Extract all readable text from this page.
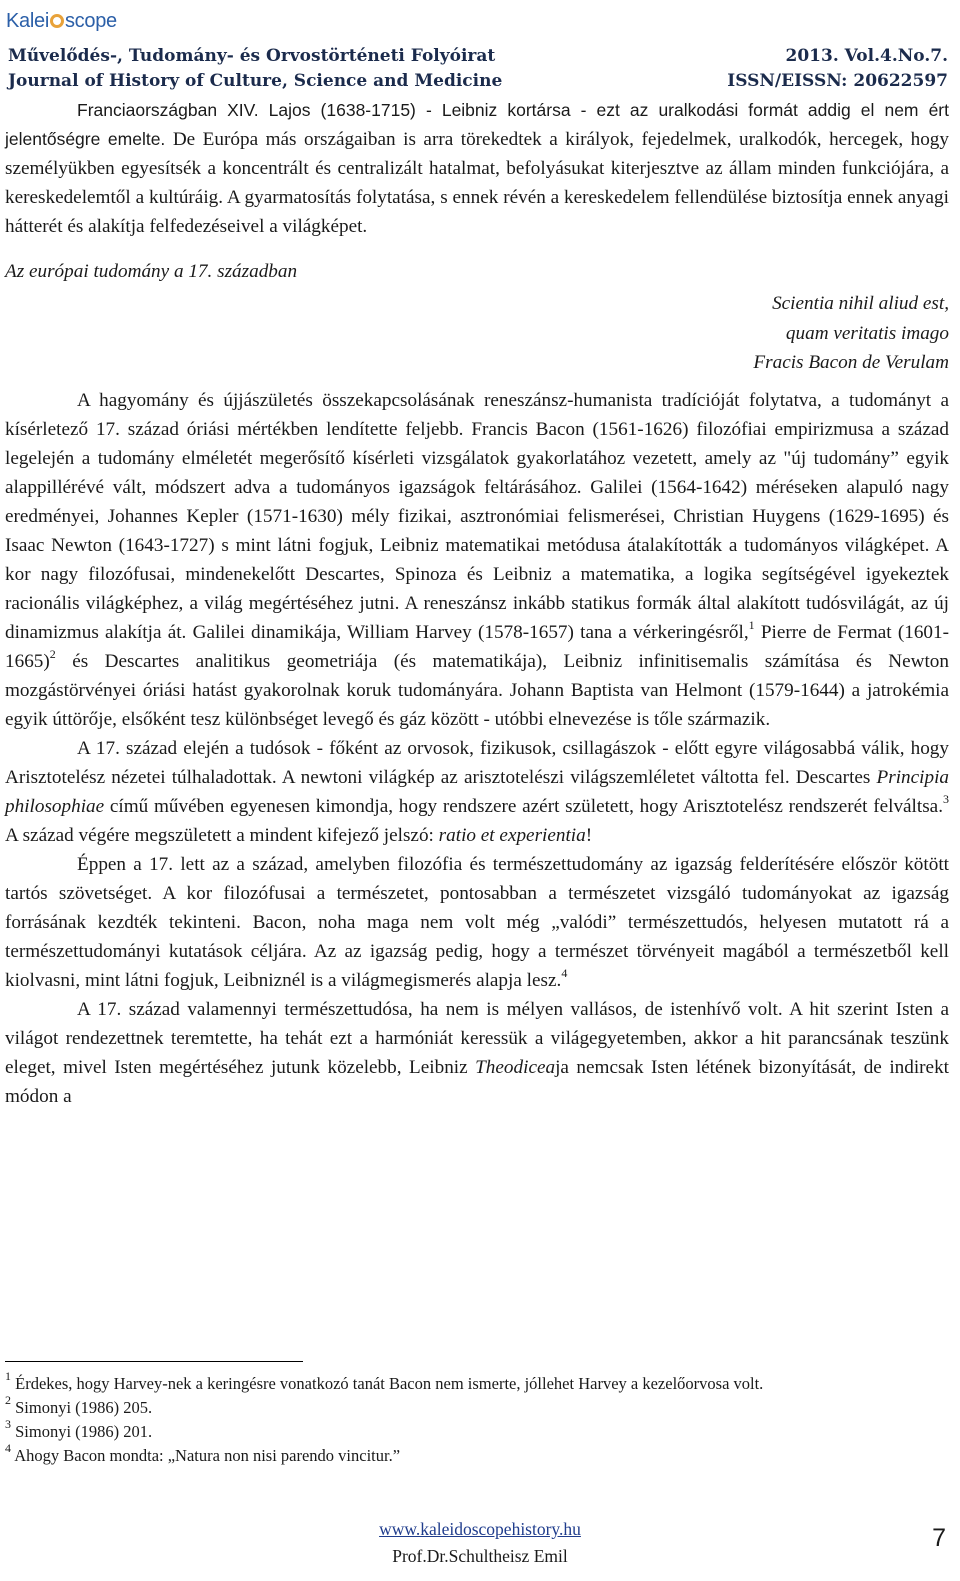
Kalei scope
Művelődés-, Tudomány- és Orvostörténeti Folyóirat
Journal of History of Culture, Science and Medicine
2013. Vol.4.No.7.
ISSN/EISSN: 20622597

Franciaországban XIV. Lajos (1638-1715) - Leibniz kortársa - ezt az uralkodási formát addig el nem ért jelentőségre emelte. De Európa más országaiban is arra törekedtek a királyok, fejedelmek, uralkodók, hercegek, hogy személyükben egyesítsék a koncentrált és centralizált hatalmat, befolyásukat kiterjesztve az állam minden funkciójára, a kereskedelemtől a kultúráig. A gyarmatosítás folytatása, s ennek révén a kereskedelem fellendülése biztosítja ennek anyagi hátterét és alakítja felfedezéseivel a világképet.

Az európai tudomány a 17. században

Scientia nihil aliud est,
quam veritatis imago
Fracis Bacon de Verulam

A hagyomány és újjászületés összekapcsolásának reneszánsz-humanista tradícióját folytatva, a tudományt a kísérletező 17. század óriási mértékben lendítette feljebb. Francis Bacon (1561-1626) filozófiai empirizmusa a század legelején a tudomány elméletét megerősítő kísérleti vizsgálatok gyakorlatához vezetett, amely az "új tudomány” egyik alappillérévé vált, módszert adva a tudományos igazságok feltárásához. Galilei (1564-1642) méréseken alapuló nagy eredményei, Johannes Kepler (1571-1630) mély fizikai, asztronómiai felismerései, Christian Huygens (1629-1695) és Isaac Newton (1643-1727) s mint látni fogjuk, Leibniz matematikai metódusa átalakították a tudományos világképet. A kor nagy filozófusai, mindenekelőtt Descartes, Spinoza és Leibniz a matematika, a logika segítségével igyekeztek racionális világképhez, a világ megértéséhez jutni. A reneszánsz inkább statikus formák által alakított tudósvilágát, az új dinamizmus alakítja át. Galilei dinamikája, William Harvey (1578-1657) tana a vérkeringésről,$^1$ Pierre de Fermat (1601-1665)$^2$ és Descartes analitikus geometriája (és matematikája), Leibniz infinitisemalis számítása és Newton mozgástörvényei óriási hatást gyakorolnak koruk tudományára. Johann Baptista van Helmont (1579-1644) a jatrokémia egyik úttörője, elsőként tesz különbséget levegő és gáz között - utóbbi elnevezése is tőle származik.

A 17. század elején a tudósok - főként az orvosok, fizikusok, csillagászok - előtt egyre világosabbá válik, hogy Arisztotelész nézetei túlhaladottak. A newtoni világkép az arisztotelészi világszemléletet váltotta fel. Descartes Principia philosophiae című művében egyenesen kimondja, hogy rendszere azért született, hogy Arisztotelész rendszerét felváltsa.$^3$ A század végére megszületett a mindent kifejező jelszó: ratio et experientia!

Éppen a 17. lett az a század, amelyben filozófia és természettudomány az igazság felderítésére először kötött tartós szövetséget. A kor filozófusai a természetet, pontosabban a természetet vizsgáló tudományokat az igazság forrásának kezdték tekinteni. Bacon, noha maga nem volt még „valódi” természettudós, helyesen mutatott rá a természettudományi kutatások céljára. Az az igazság pedig, hogy a természet törvényeit magából a természetből kell kiolvasni, mint látni fogjuk, Leibniznél is a világmegismerés alapja lesz.$^4$

A 17. század valamennyi természettudósa, ha nem is mélyen vallásos, de istenhívő volt. A hit szerint Isten a világot rendezettnek teremtette, ha tehát ezt a harmóniát keressük a világegyetemben, akkor a hit parancsának teszünk eleget, mivel Isten megértéséhez jutunk közelebb, Leibniz Theodiceaja nemcsak Isten létének bizonyítását, de indirekt módon a

$^1$ Érdekes, hogy Harvey-nek a keringésre vonatkozó tanát Bacon nem ismerte, jóllehet Harvey a kezelőorvosa volt.

$^2$ Simonyi (1986) 205.

$^3$ Simonyi (1986) 201.

$^4$ Ahogy Bacon mondta: „Natura non nisi parendo vincitur.”

www.kaleidoscopehistory.hu
Prof.Dr.Schultheisz Emil
7
